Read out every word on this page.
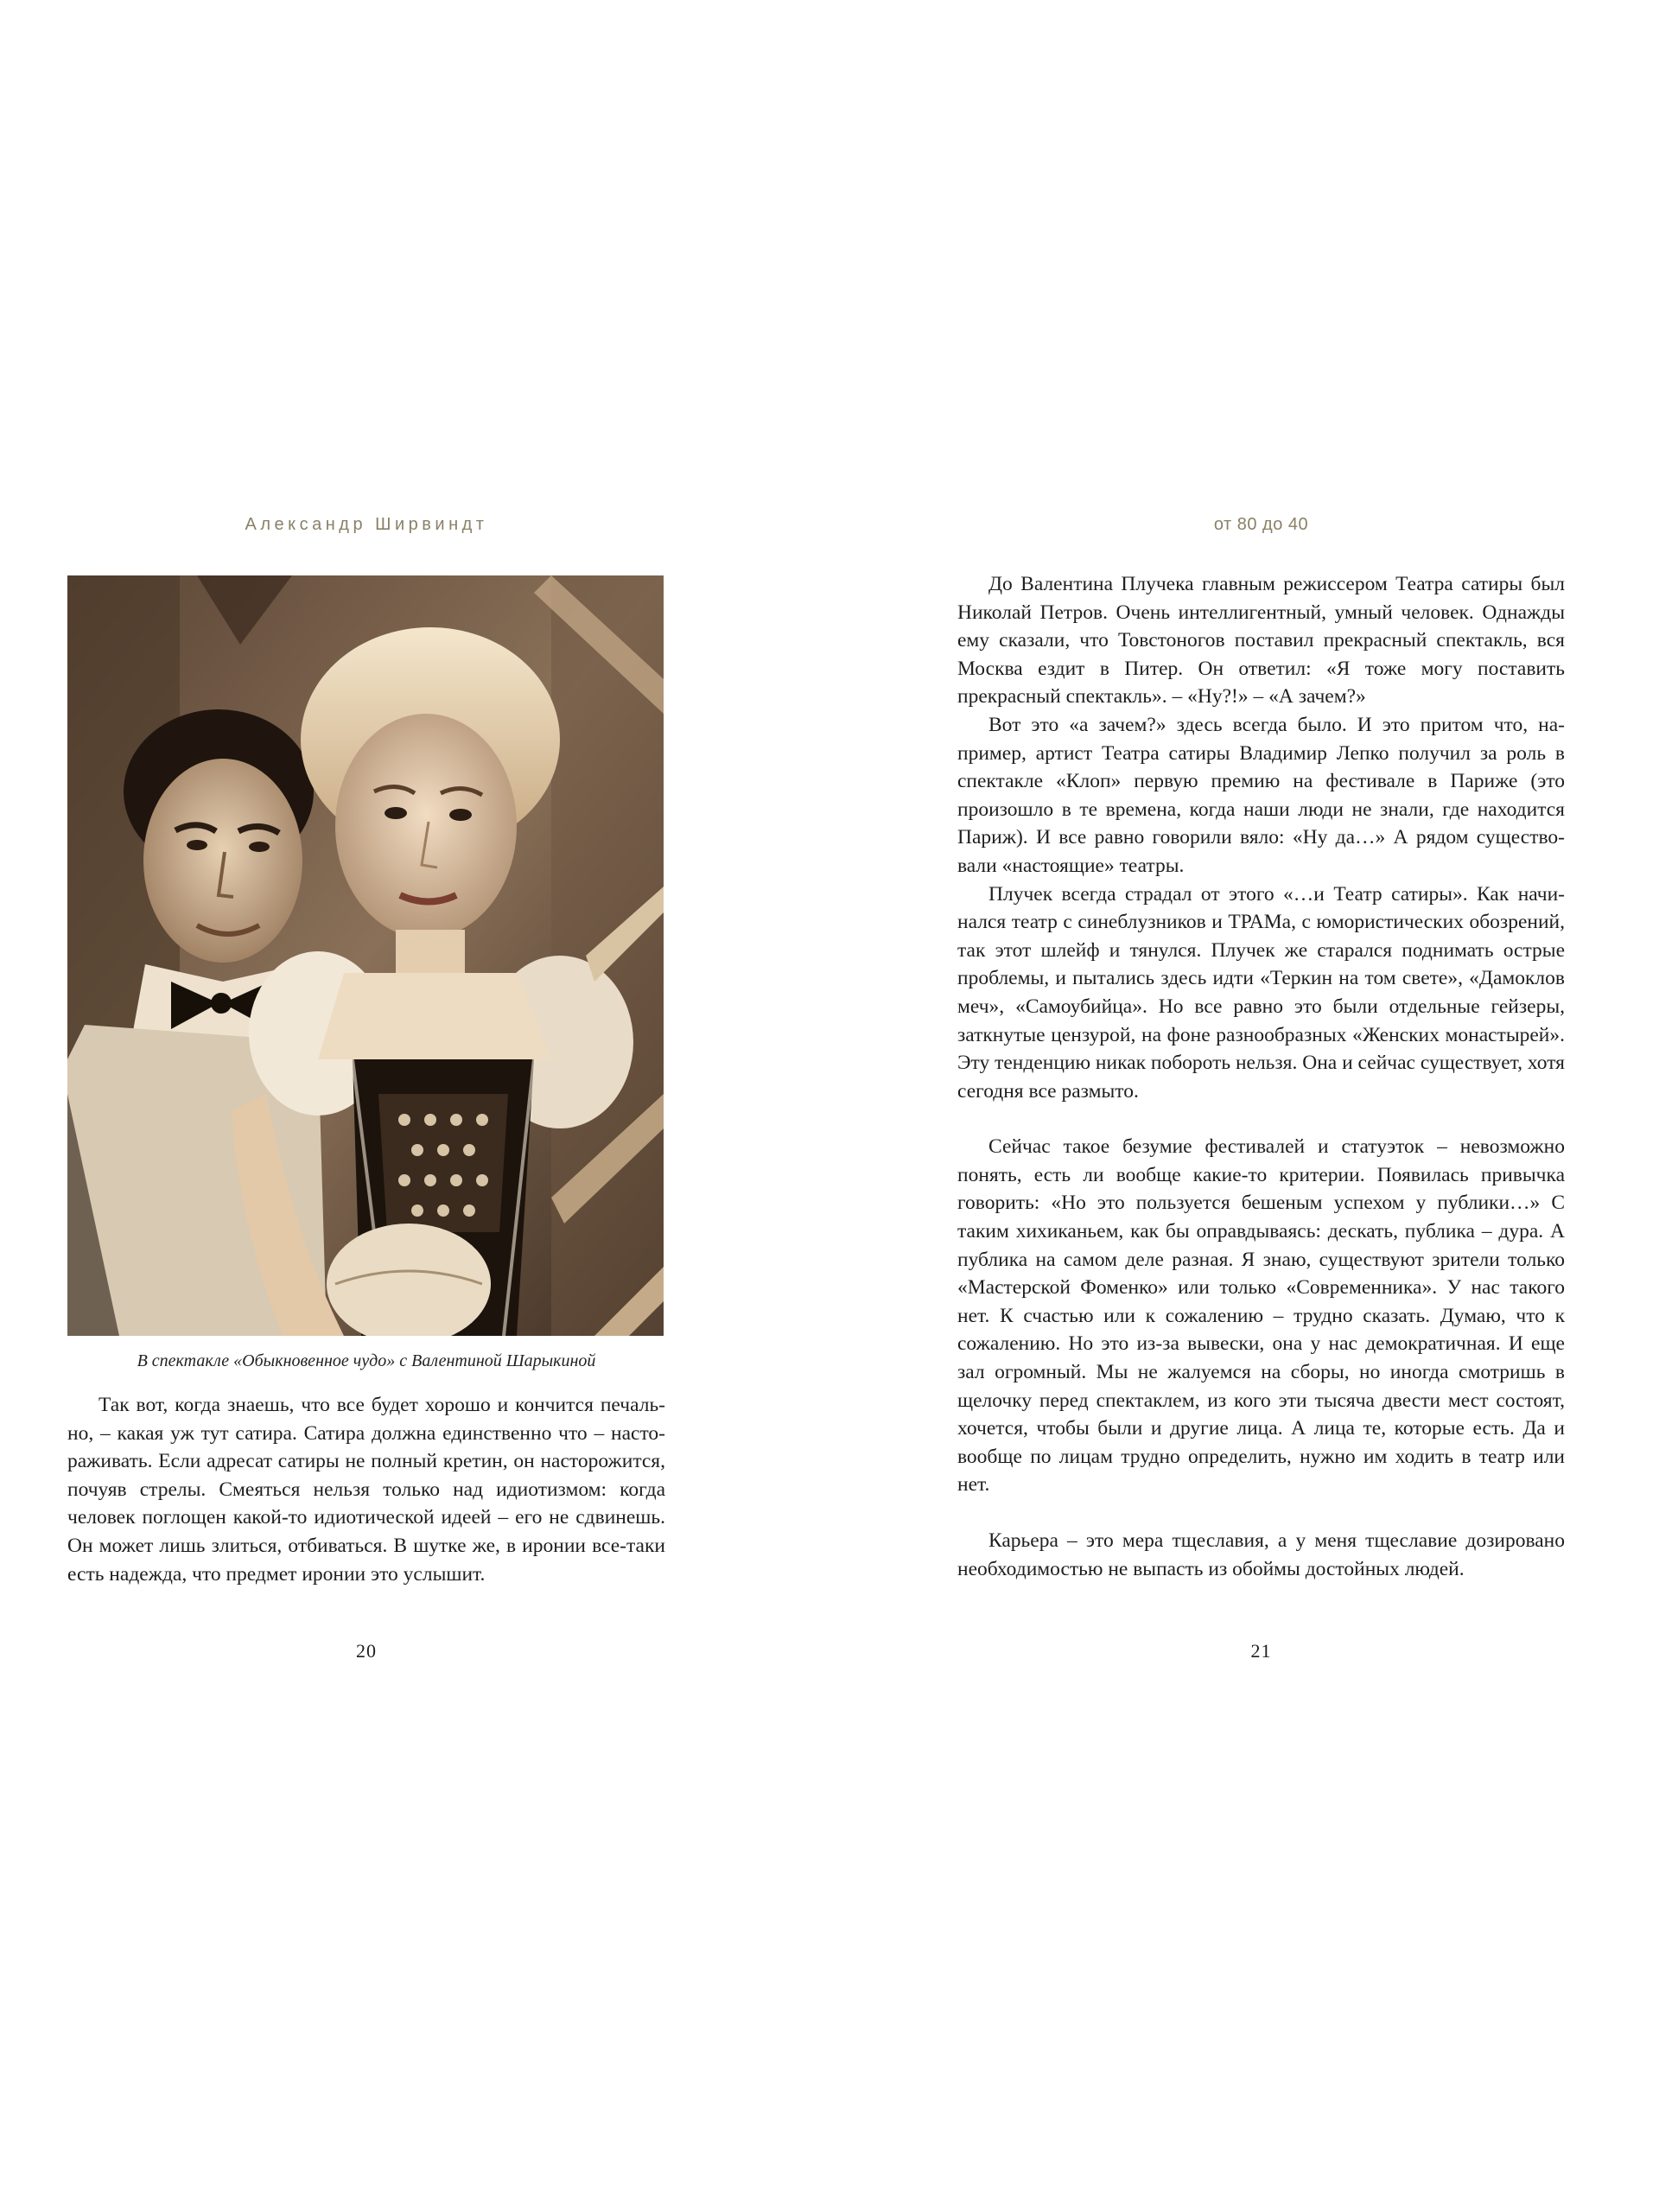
Александр Ширвиндт
В спектакле «Обыкновенное чудо» с Валентиной Шарыкиной

Так вот, когда знаешь, что все будет хорошо и кончится печально, – какая уж тут сатира. Сатира должна единственно что – настораживать. Если адресат сатиры не полный кретин, он насторожится, почуяв стрелы. Смеяться нельзя только над идиотизмом: когда человек поглощен какой-то идиотической идеей – его не сдвинешь. Он может лишь злиться, отбиваться. В шутке же, в иронии все-таки есть надежда, что предмет иронии это услышит.

20
от 80 до 40

До Валентина Плучека главным режиссером Театра сатиры был Николай Петров. Очень интеллигентный, умный человек. Однажды ему сказали, что Товстоногов поставил прекрасный спектакль, вся Москва ездит в Питер. Он ответил: «Я тоже могу поставить прекрасный спектакль». – «Ну?!» – «А зачем?»

Вот это «а зачем?» здесь всегда было. И это притом что, например, артист Театра сатиры Владимир Лепко получил за роль в спектакле «Клоп» первую премию на фестивале в Париже (это произошло в те времена, когда наши люди не знали, где находится Париж). И все равно говорили вяло: «Ну да…» А рядом существовали «настоящие» театры.

Плучек всегда страдал от этого «…и Театр сатиры». Как начинался театр с синеблузников и ТРАМа, с юмористических обозрений, так этот шлейф и тянулся. Плучек же старался поднимать острые проблемы, и пытались здесь идти «Теркин на том свете», «Дамоклов меч», «Самоубийца». Но все равно это были отдельные гейзеры, заткнутые цензурой, на фоне разнообразных «Женских монастырей». Эту тенденцию никак побороть нельзя. Она и сейчас существует, хотя сегодня все размыто.

Сейчас такое безумие фестивалей и статуэток – невозможно понять, есть ли вообще какие-то критерии. Появилась привычка говорить: «Но это пользуется бешеным успехом у публики…» С таким хихиканьем, как бы оправдываясь: дескать, публика – дура. А публика на самом деле разная. Я знаю, существуют зрители только «Мастерской Фоменко» или только «Современника». У нас такого нет. К счастью или к сожалению – трудно сказать. Думаю, что к сожалению. Но это из-за вывески, она у нас демократичная. И еще зал огромный. Мы не жалуемся на сборы, но иногда смотришь в щелочку перед спектаклем, из кого эти тысяча двести мест состоят, хочется, чтобы были и другие лица. А лица те, которые есть. Да и вообще по лицам трудно определить, нужно им ходить в театр или нет.

Карьера – это мера тщеславия, а у меня тщеславие дозировано необходимостью не выпасть из обоймы достойных людей.

21
